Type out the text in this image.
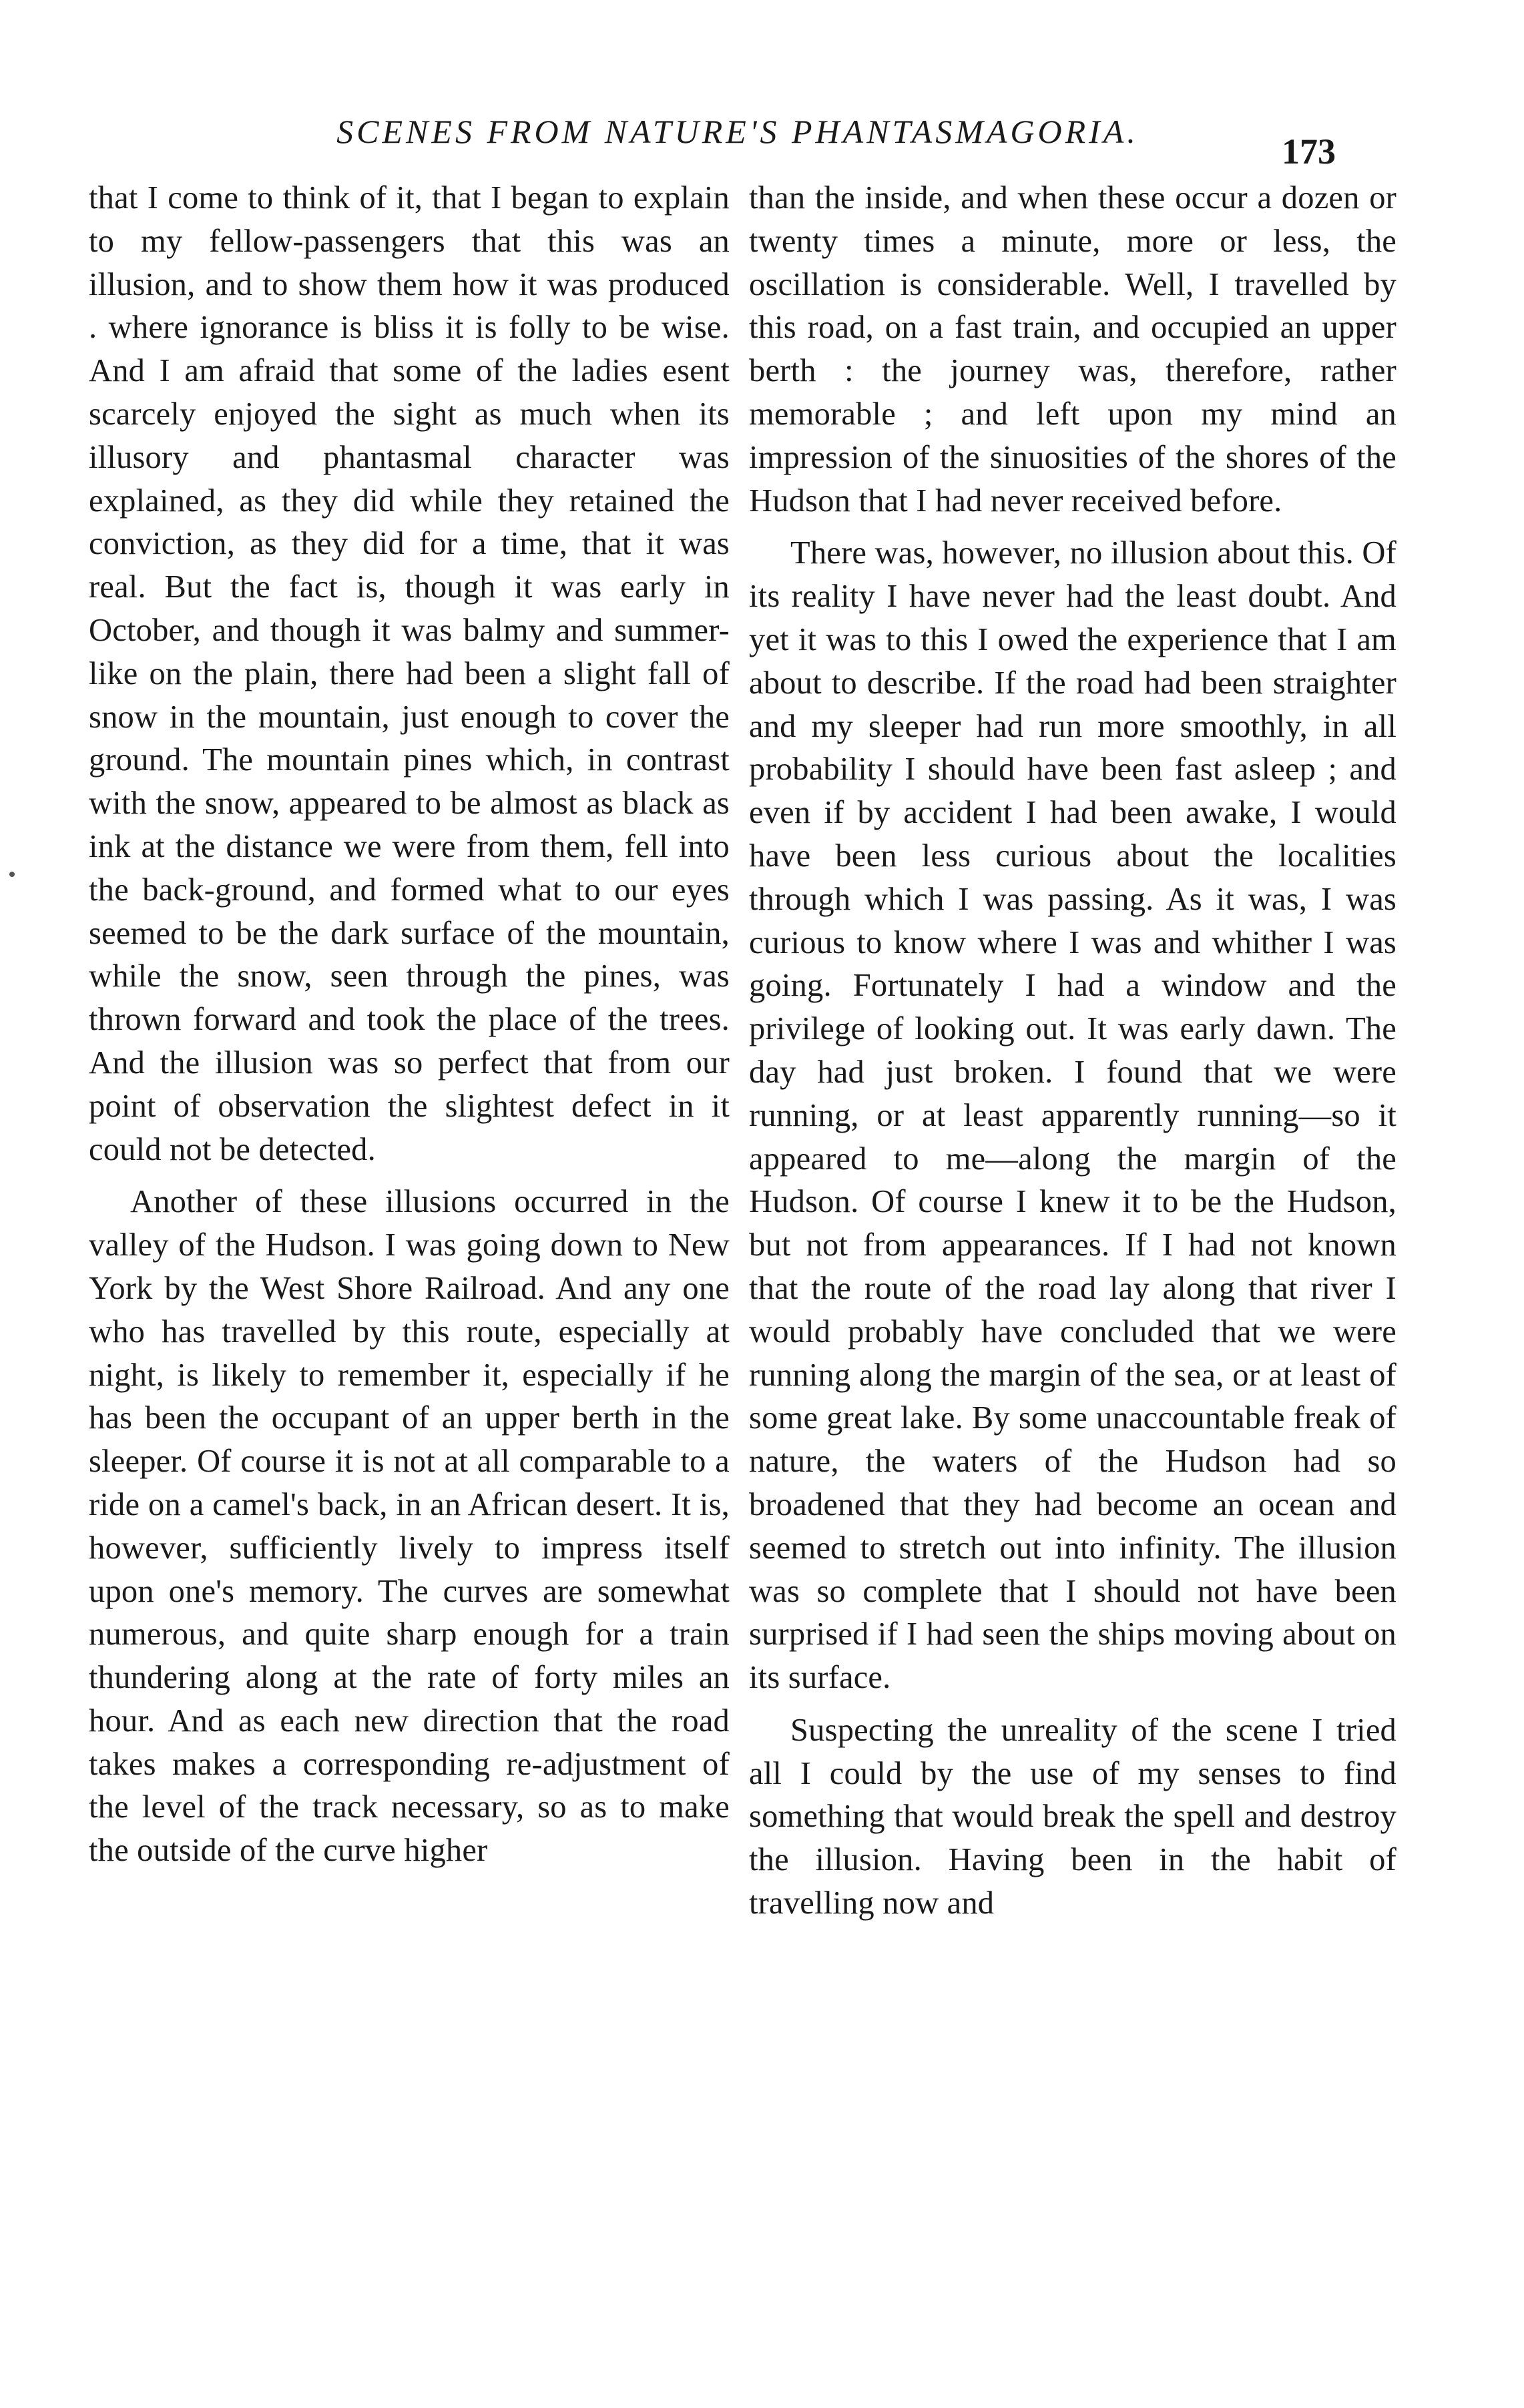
SCENES FROM NATURE'S PHANTASMAGORIA.	173

that I come to think of it, that I began to explain to my fellow-passengers that this was an illusion, and to show them how it was produced . where ignorance is bliss it is folly to be wise. And I am afraid that some of the ladies esent scarcely enjoyed the sight as much when its illusory and phantasmal character was explained, as they did while they retained the conviction, as they did for a time, that it was real. But the fact is, though it was early in October, and though it was balmy and summer-like on the plain, there had been a slight fall of snow in the mountain, just enough to cover the ground. The mountain pines which, in contrast with the snow, appeared to be almost as black as ink at the distance we were from them, fell into the back-ground, and formed what to our eyes seemed to be the dark surface of the mountain, while the snow, seen through the pines, was thrown forward and took the place of the trees. And the illusion was so perfect that from our point of observation the slightest defect in it could not be detected.

Another of these illusions occurred in the valley of the Hudson. I was going down to New York by the West Shore Railroad. And any one who has travelled by this route, especially at night, is likely to remember it, especially if he has been the occupant of an upper berth in the sleeper. Of course it is not at all comparable to a ride on a camel's back, in an African desert. It is, however, sufficiently lively to impress itself upon one's memory. The curves are somewhat numerous, and quite sharp enough for a train thundering along at the rate of forty miles an hour. And as each new direction that the road takes makes a corresponding re-adjustment of the level of the track necessary, so as to make the outside of the curve higher

than the inside, and when these occur a dozen or twenty times a minute, more or less, the oscillation is considerable. Well, I travelled by this road, on a fast train, and occupied an upper berth : the journey was, therefore, rather memorable ; and left upon my mind an impression of the sinuosities of the shores of the Hudson that I had never received before.

There was, however, no illusion about this. Of its reality I have never had the least doubt. And yet it was to this I owed the experience that I am about to describe. If the road had been straighter and my sleeper had run more smoothly, in all probability I should have been fast asleep ; and even if by accident I had been awake, I would have been less curious about the localities through which I was passing. As it was, I was curious to know where I was and whither I was going. Fortunately I had a window and the privilege of looking out. It was early dawn. The day had just broken. I found that we were running, or at least apparently running—so it appeared to me—along the margin of the Hudson. Of course I knew it to be the Hudson, but not from appearances. If I had not known that the route of the road lay along that river I would probably have concluded that we were running along the margin of the sea, or at least of some great lake. By some unaccountable freak of nature, the waters of the Hudson had so broadened that they had become an ocean and seemed to stretch out into infinity. The illusion was so complete that I should not have been surprised if I had seen the ships moving about on its surface.

Suspecting the unreality of the scene I tried all I could by the use of my senses to find something that would break the spell and destroy the illusion. Having been in the habit of travelling now and
